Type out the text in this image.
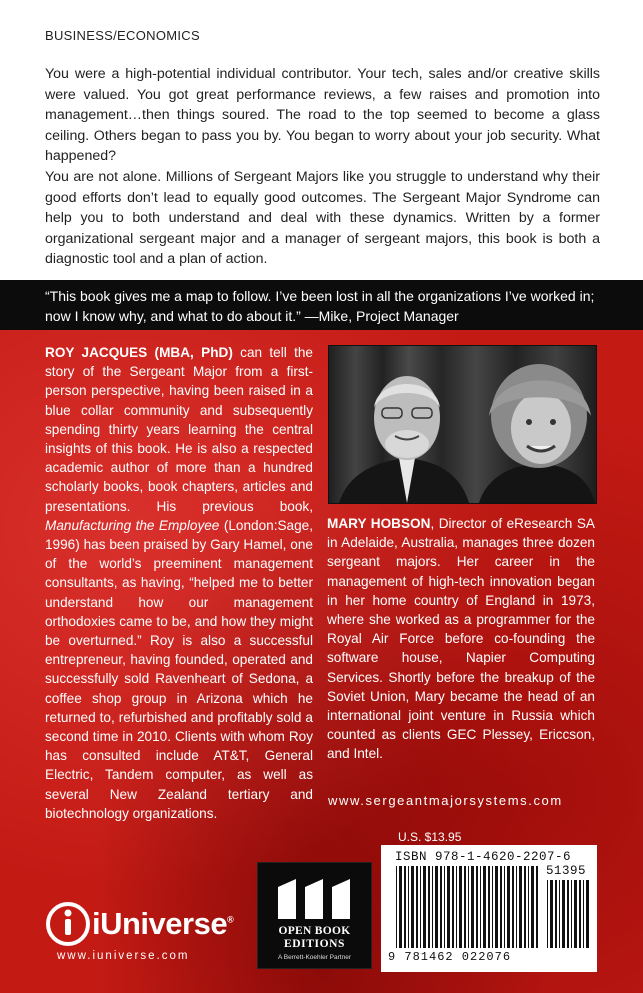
BUSINESS/ECONOMICS

You were a high-potential individual contributor. Your tech, sales and/or creative skills were valued. You got great performance reviews, a few raises and promotion into management…then things soured. The road to the top seemed to become a glass ceiling. Others began to pass you by. You began to worry about your job security. What happened?

You are not alone. Millions of Sergeant Majors like you struggle to understand why their good efforts don’t lead to equally good outcomes. The Sergeant Major Syndrome can help you to both understand and deal with these dynamics. Written by a former organizational sergeant major and a manager of sergeant majors, this book is both a diagnostic tool and a plan of action.

“This book gives me a map to follow. I’ve been lost in all the organizations I’ve worked in; now I know why, and what to do about it.” —Mike, Project Manager

ROY JACQUES (MBA, PhD) can tell the story of the Sergeant Major from a first-person perspective, having been raised in a blue collar community and subsequently spending thirty years learning the central insights of this book. He is also a respected academic author of more than a hundred scholarly books, book chapters, articles and presentations. His previous book, Manufacturing the Employee (London:Sage, 1996) has been praised by Gary Hamel, one of the world’s preeminent management consultants, as having, “helped me to better understand how our management orthodoxies came to be, and how they might be overturned.” Roy is also a successful entrepreneur, having founded, operated and successfully sold Ravenheart of Sedona, a coffee shop group in Arizona which he returned to, refurbished and profitably sold a second time in 2010. Clients with whom Roy has consulted include AT&T, General Electric, Tandem computer, as well as several New Zealand tertiary and biotechnology organizations.

MARY HOBSON, Director of eResearch SA in Adelaide, Australia, manages three dozen sergeant majors. Her career in the management of high-tech innovation began in her home country of England in 1973, where she worked as a programmer for the Royal Air Force before co-founding the software house, Napier Computing Services. Shortly before the breakup of the Soviet Union, Mary became the head of an international joint venture in Russia which counted as clients GEC Plessey, Ericcson, and Intel.

www.sergeantmajorsystems.com
U.S. $13.95
ISBN 978-1-4620-2207-6
51395
9 781462 022076
OPEN BOOK
EDITIONS
A Berrett-Koehler Partner
iUniverse®
www.iuniverse.com
